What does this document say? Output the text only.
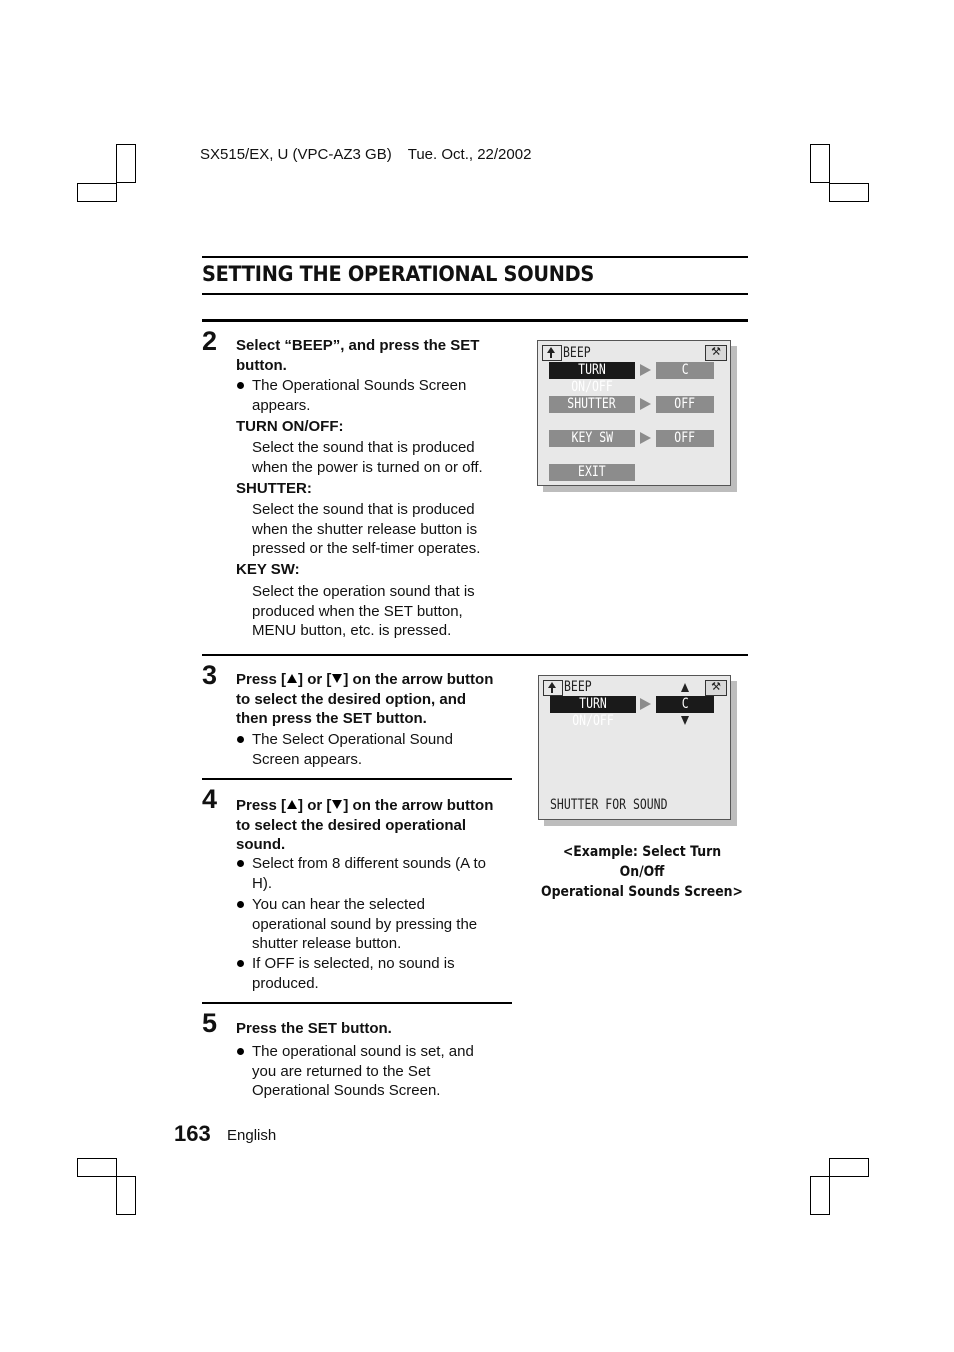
SX515/EX, U (VPC-AZ3 GB) Tue. Oct., 22/2002
SETTING THE OPERATIONAL SOUNDS
2 Select “BEEP”, and press the SET
button.
The Operational Sounds Screen
appears.
TURN ON/OFF:
Select the sound that is produced
when the power is turned on or off.
SHUTTER:
Select the sound that is produced
when the shutter release button is
pressed or the self-timer operates.
KEY SW:
Select the operation sound that is
produced when the SET button,
MENU button, etc. is pressed.
BEEP	⚒
TURN ON/OFF
C
SHUTTER	OFF
KEY SW	OFF
EXIT
3 Press [ ] or [ ] on the arrow button
to select the desired option, and
then press the SET button.
The Select Operational Sound
Screen appears.
BEEP	⚒
TURN ON/OFF
C
SHUTTER FOR SOUND
<Example: Select Turn On/Off
Operational Sounds Screen>
4 Press [ ] or [ ] on the arrow button
to select the desired operational
sound.
Select from 8 different sounds (A to
H).
You can hear the selected
operational sound by pressing the
shutter release button.
If OFF is selected, no sound is
produced.
5 Press the SET button.
The operational sound is set, and
you are returned to the Set
Operational Sounds Screen.
163 English
